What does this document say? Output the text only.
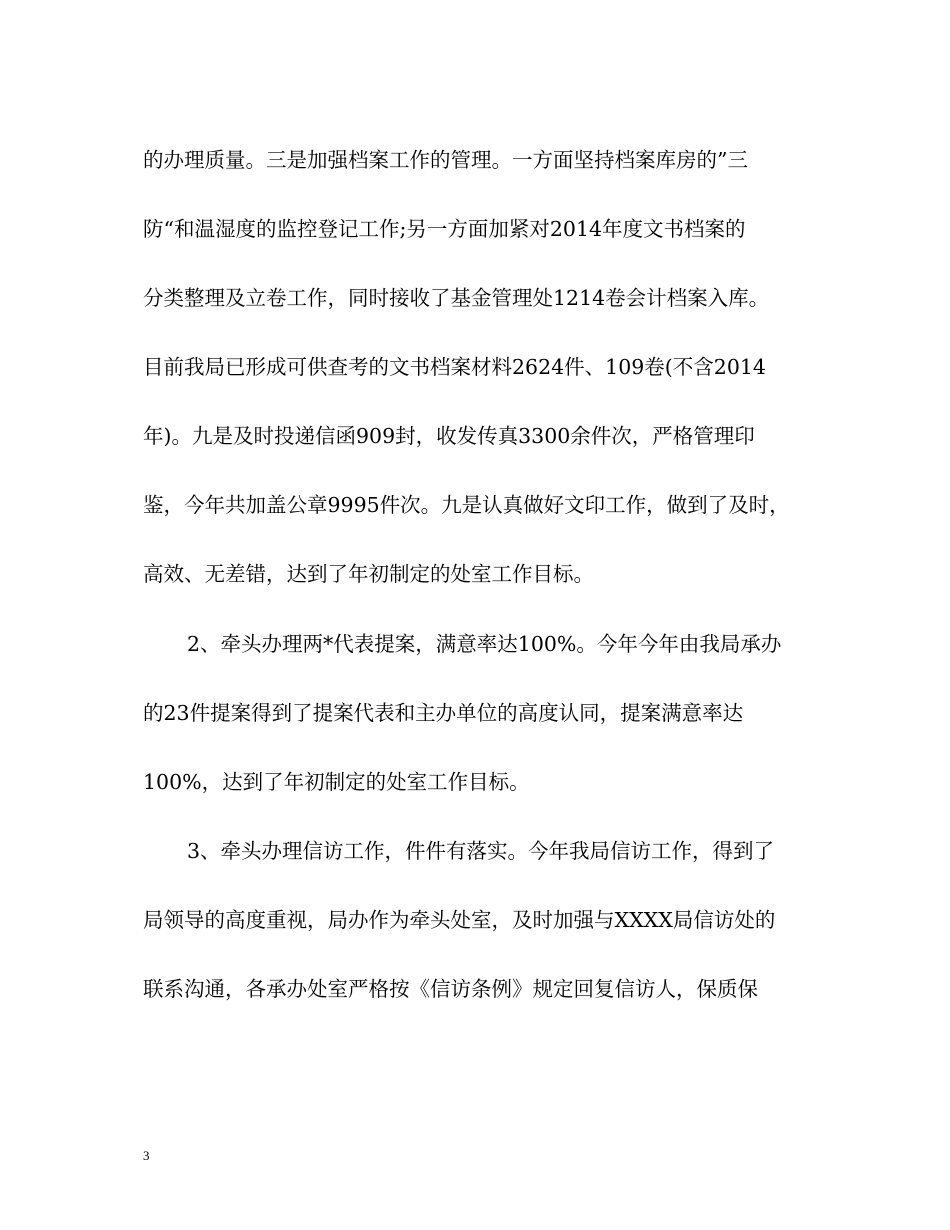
的办理质量。三是加强档案工作的管理。一方面坚持档案库房的”三
防“和温湿度的监控登记工作;另一方面加紧对2014年度文书档案的
分类整理及立卷工作，同时接收了基金管理处1214卷会计档案入库。
目前我局已形成可供查考的文书档案材料2624件、109卷(不含2014
年)。九是及时投递信函909封，收发传真3300余件次，严格管理印
鉴，今年共加盖公章9995件次。九是认真做好文印工作，做到了及时，
高效、无差错，达到了年初制定的处室工作目标。
2、牵头办理两*代表提案，满意率达100%。今年今年由我局承办
的23件提案得到了提案代表和主办单位的高度认同，提案满意率达
100%，达到了年初制定的处室工作目标。
3、牵头办理信访工作，件件有落实。今年我局信访工作，得到了
局领导的高度重视，局办作为牵头处室，及时加强与XXXX局信访处的
联系沟通，各承办处室严格按《信访条例》规定回复信访人，保质保
3
